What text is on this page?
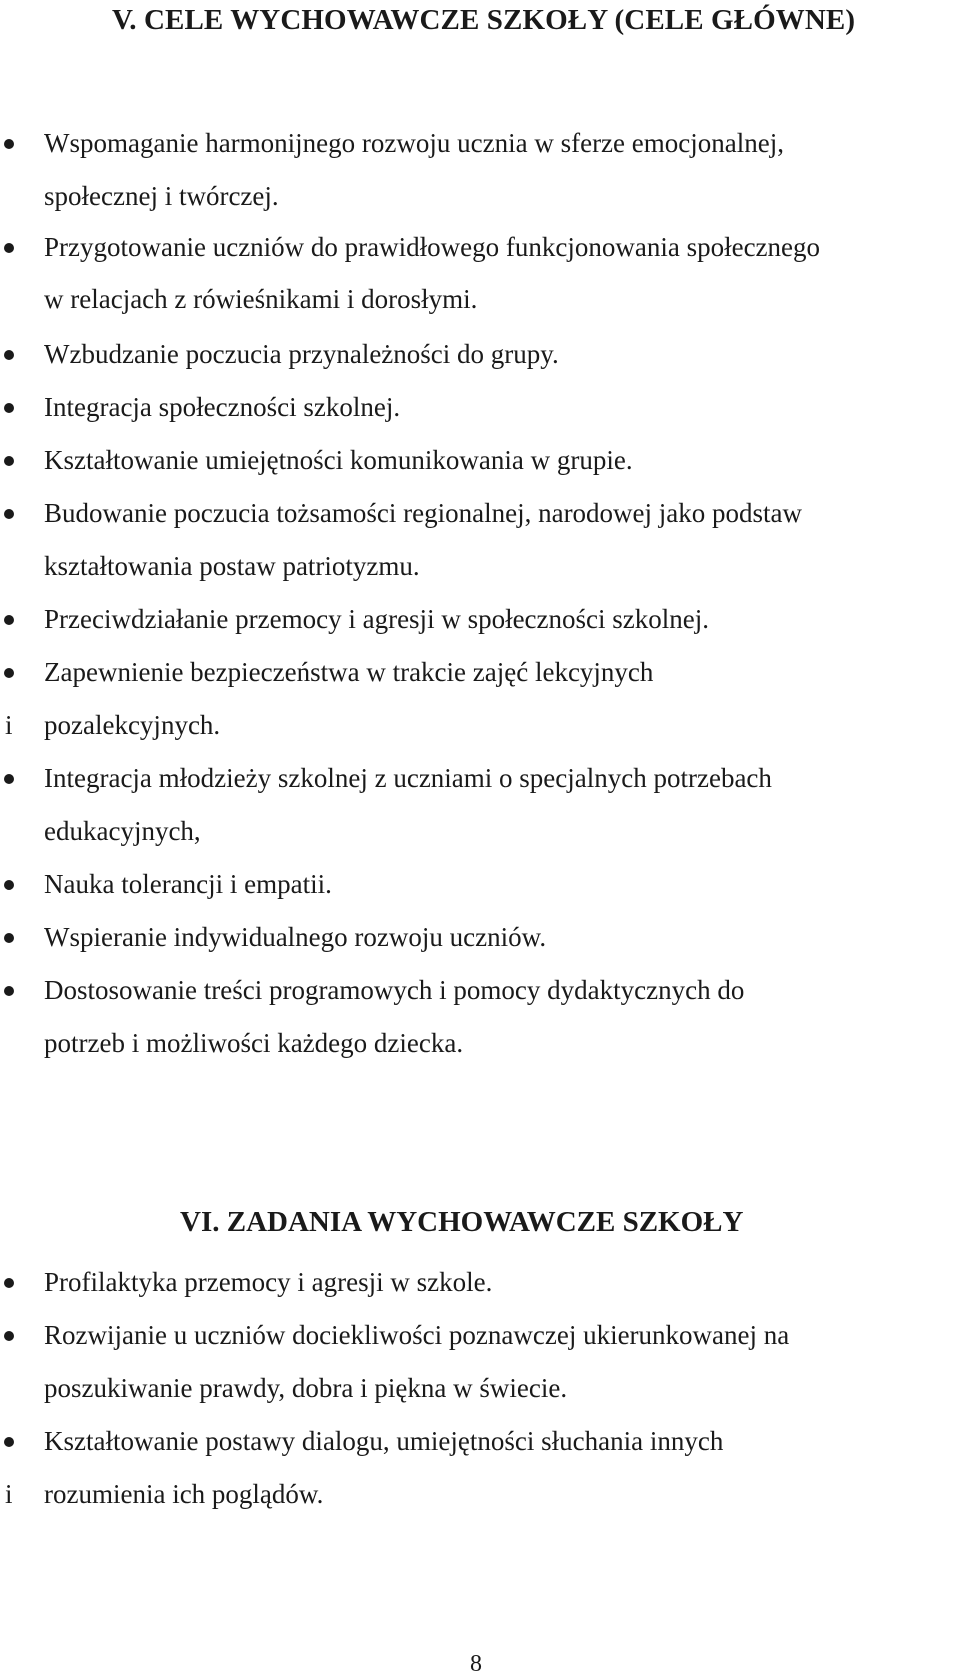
V. CELE WYCHOWAWCZE SZKOŁY (CELE GŁÓWNE)
Wspomaganie harmonijnego rozwoju ucznia w sferze emocjonalnej,
społecznej i twórczej.
Przygotowanie uczniów do prawidłowego funkcjonowania społecznego
w relacjach z rówieśnikami i dorosłymi.
Wzbudzanie poczucia przynależności do grupy.
Integracja społeczności szkolnej.
Kształtowanie umiejętności komunikowania w grupie.
Budowanie poczucia tożsamości regionalnej, narodowej jako podstaw
kształtowania postaw patriotyzmu.
Przeciwdziałanie przemocy i agresji w społeczności szkolnej.
Zapewnienie bezpieczeństwa w trakcie zajęć lekcyjnych
i pozalekcyjnych.
Integracja młodzieży szkolnej z uczniami o specjalnych potrzebach
edukacyjnych,
Nauka tolerancji i empatii.
Wspieranie indywidualnego rozwoju uczniów.
Dostosowanie treści programowych i pomocy dydaktycznych do
potrzeb i możliwości każdego dziecka.
VI. ZADANIA WYCHOWAWCZE SZKOŁY
Profilaktyka przemocy i agresji w szkole.
Rozwijanie u uczniów dociekliwości poznawczej ukierunkowanej na
poszukiwanie prawdy, dobra i piękna w świecie.
Kształtowanie postawy dialogu, umiejętności słuchania innych
i rozumienia ich poglądów.
8
